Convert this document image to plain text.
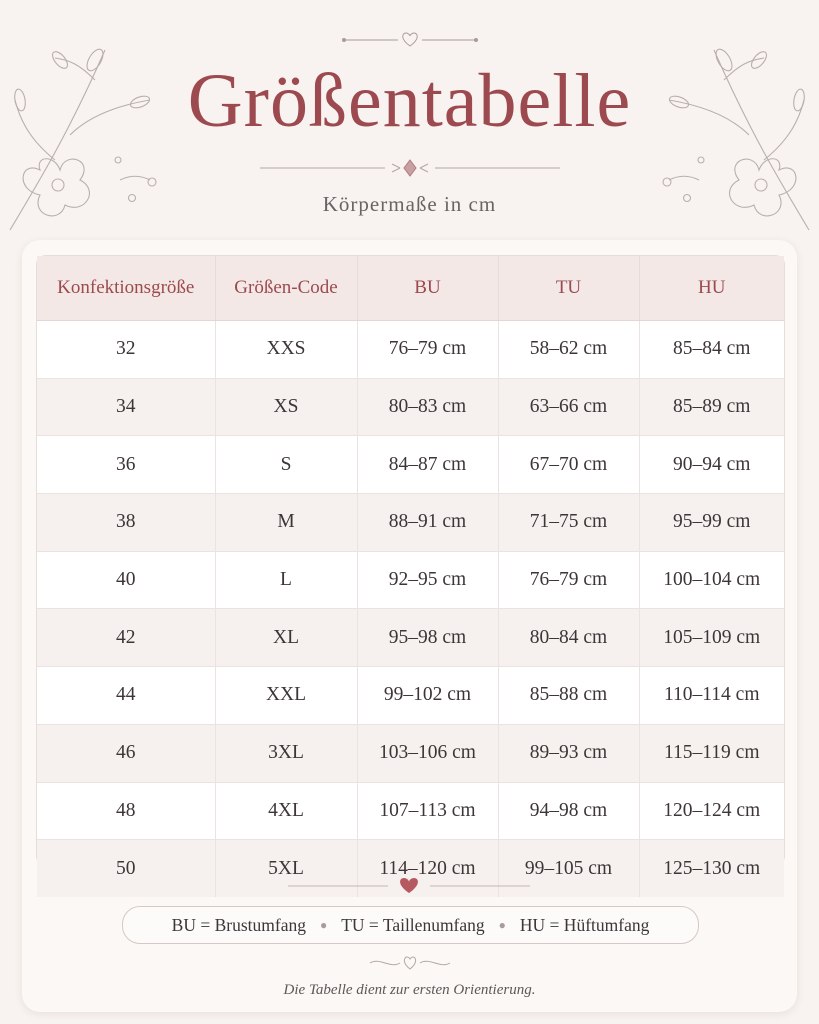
Größentabelle
Körpermaße in cm
Konfektionsgröße	Größen-Code	BU	TU	HU
32	XXS	76–79 cm	58–62 cm	85–84 cm
34	XS	80–83 cm	63–66 cm	85–89 cm
36	S	84–87 cm	67–70 cm	90–94 cm
38	M	88–91 cm	71–75 cm	95–99 cm
40	L	92–95 cm	76–79 cm	100–104 cm
42	XL	95–98 cm	80–84 cm	105–109 cm
44	XXL	99–102 cm	85–88 cm	110–114 cm
46	3XL	103–106 cm	89–93 cm	115–119 cm
48	4XL	107–113 cm	94–98 cm	120–124 cm
50	5XL	114–120 cm	99–105 cm	125–130 cm
BU = Brustumfang ● TU = Taillenumfang ● HU = Hüftumfang
Die Tabelle dient zur ersten Orientierung.
